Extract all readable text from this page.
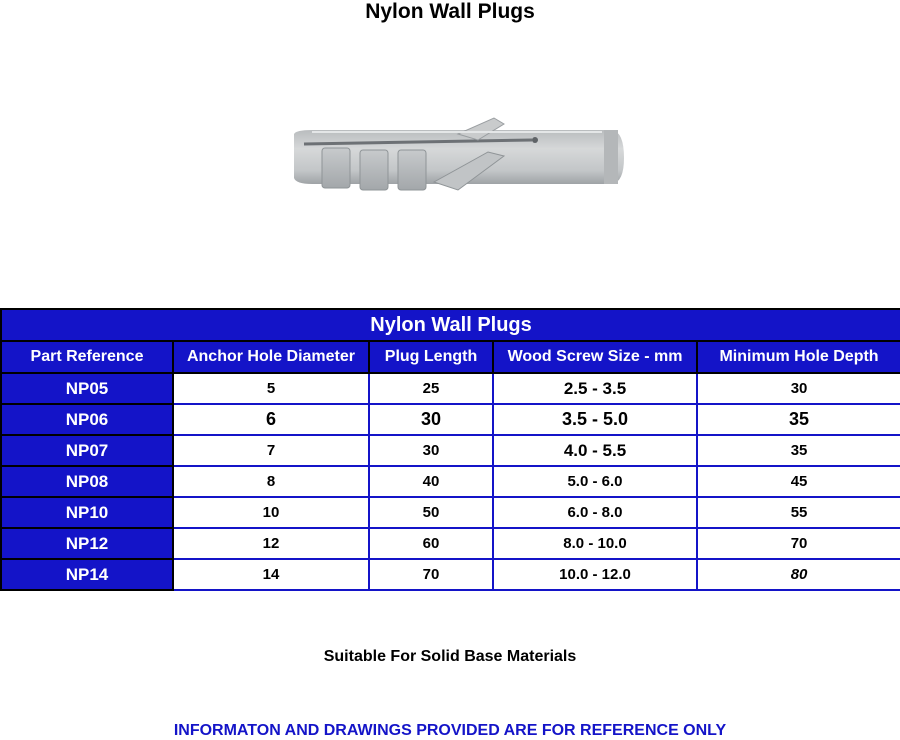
Nylon Wall Plugs
Nylon Wall Plugs				
Part Reference	Anchor Hole Diameter	Plug Length	Wood Screw Size - mm	Minimum Hole Depth
NP05	5	25	2.5 - 3.5	30
NP06	6	30	3.5 - 5.0	35
NP07	7	30	4.0 - 5.5	35
NP08	8	40	5.0 - 6.0	45
NP10	10	50	6.0 - 8.0	55
NP12	12	60	8.0 - 10.0	70
NP14	14	70	10.0 - 12.0	80
Suitable For Solid Base Materials
INFORMATON AND DRAWINGS PROVIDED ARE FOR REFERENCE ONLY
